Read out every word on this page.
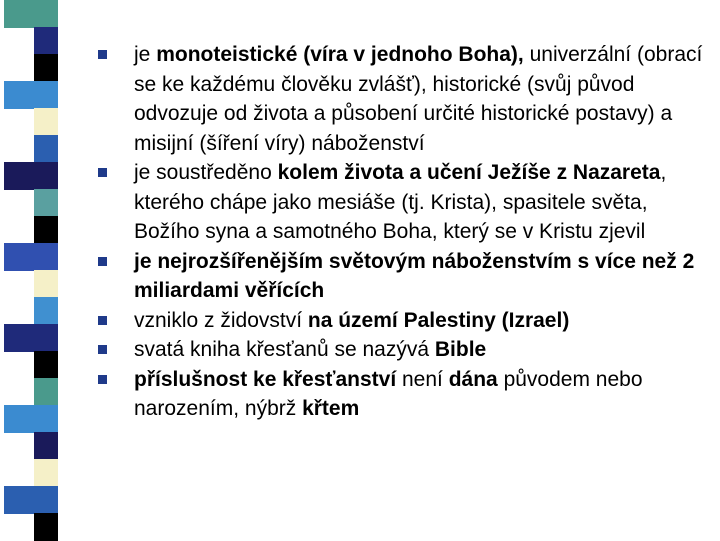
je monoteistické (víra v jednoho Boha), univerzální (obrací se ke každému člověku zvlášť), historické (svůj původ odvozuje od života a působení určité historické postavy) a misijní (šíření víry) náboženství
je soustředěno kolem života a učení Ježíše z Nazareta, kterého chápe jako mesiáše (tj. Krista), spasitele světa, Božího syna a samotného Boha, který se v Kristu zjevil
je nejrozšířenějším světovým náboženstvím s více než 2 miliardami věřících
vzniklo z židovství na území Palestiny (Izrael)
svatá kniha křesťanů se nazývá Bible
příslušnost ke křesťanství není dána původem nebo narozením, nýbrž křtem
